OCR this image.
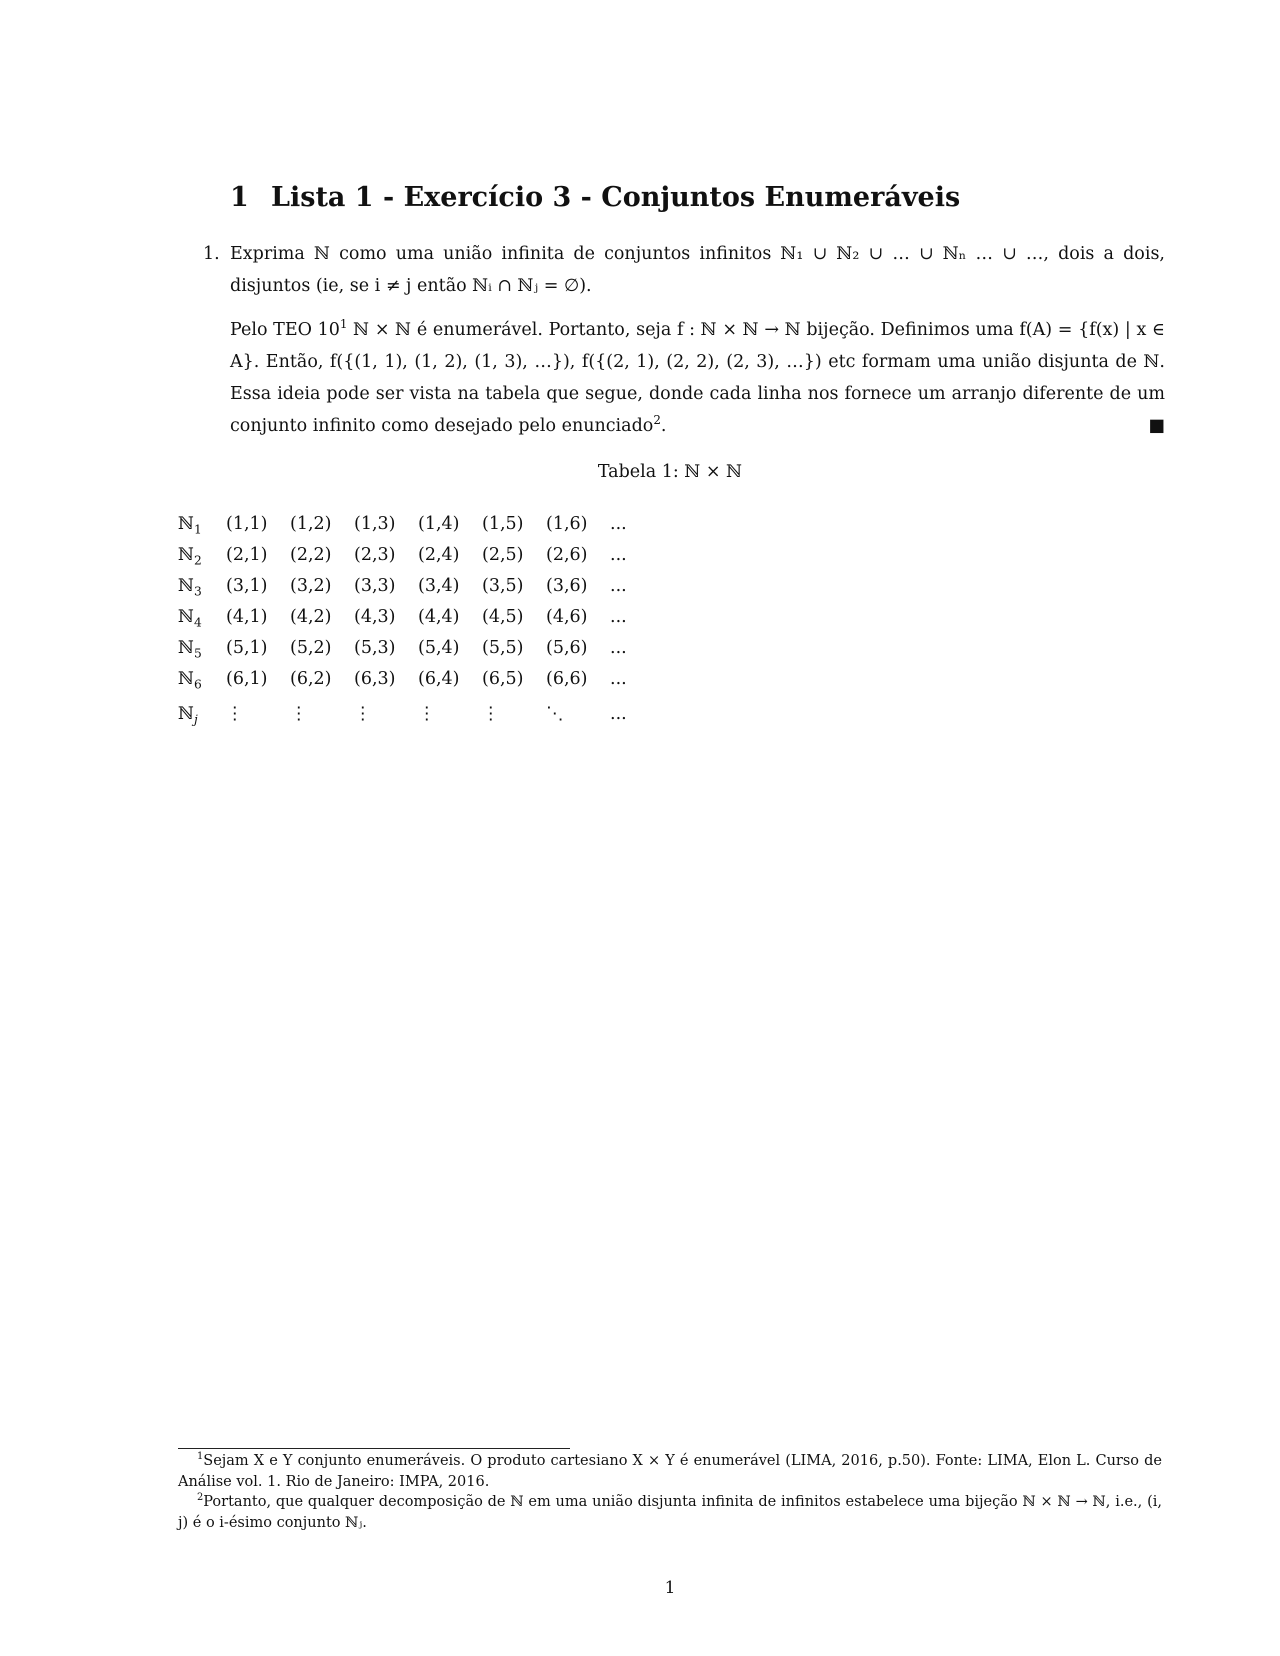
1 Lista 1 - Exercício 3 - Conjuntos Enumeráveis
1. Exprima ℕ como uma união infinita de conjuntos infinitos ℕ₁ ∪ ℕ₂ ∪ … ∪ ℕₙ … ∪ …, dois a dois, disjuntos (ie, se i ≠ j então ℕᵢ ∩ ℕⱼ = ∅).

Pelo TEO $10^1$ ℕ × ℕ é enumerável. Portanto, seja f : ℕ × ℕ → ℕ bijeção. Definimos uma f(A) = {f(x) | x ∈ A}. Então, f({(1, 1), (1, 2), (1, 3), …}), f({(2, 1), (2, 2), (2, 3), …}) etc formam uma união disjunta de ℕ. Essa ideia pode ser vista na tabela que segue, donde cada linha nos fornece um arranjo diferente de um conjunto infinito como desejado pelo enunciado$^2$.	■

Tabela 1: ℕ × ℕ
ℕ$_1$	(1,1)	(1,2)	(1,3)	(1,4)	(1,5)	(1,6)	...
ℕ$_2$	(2,1)	(2,2)	(2,3)	(2,4)	(2,5)	(2,6)	...
ℕ$_3$	(3,1)	(3,2)	(3,3)	(3,4)	(3,5)	(3,6)	...
ℕ$_4$	(4,1)	(4,2)	(4,3)	(4,4)	(4,5)	(4,6)	...
ℕ$_5$	(5,1)	(5,2)	(5,3)	(5,4)	(5,5)	(5,6)	...
ℕ$_6$	(6,1)	(6,2)	(6,3)	(6,4)	(6,5)	(6,6)	...
ℕ$_j$	⋮	⋮	⋮	⋮	⋮	⋱	...
$^1$Sejam X e Y conjunto enumeráveis. O produto cartesiano X × Y é enumerável (LIMA, 2016, p.50). Fonte: LIMA, Elon L. Curso de Análise vol. 1. Rio de Janeiro: IMPA, 2016.
$^2$Portanto, que qualquer decomposição de ℕ em uma união disjunta infinita de infinitos estabelece uma bijeção ℕ × ℕ → ℕ, i.e., (i, j) é o i-ésimo conjunto ℕⱼ.
1
